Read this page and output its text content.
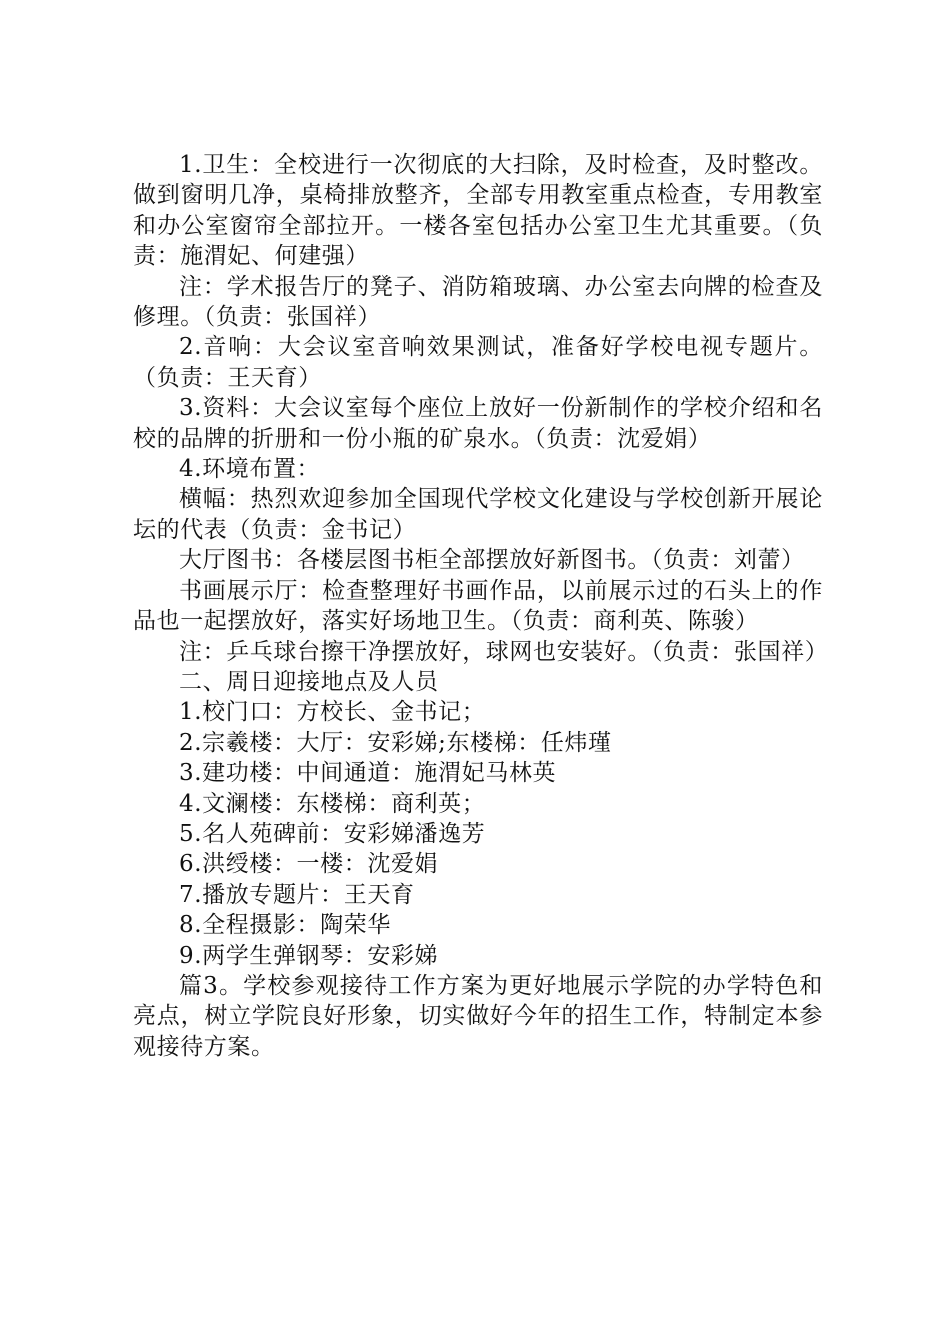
1.卫生：全校进行一次彻底的大扫除，及时检查，及时整改。做到窗明几净，桌椅排放整齐，全部专用教室重点检查，专用教室和办公室窗帘全部拉开。一楼各室包括办公室卫生尤其重要。（负责：施渭妃、何建强）

注：学术报告厅的凳子、消防箱玻璃、办公室去向牌的检查及修理。（负责：张国祥）

2.音响：大会议室音响效果测试，准备好学校电视专题片。（负责：王天育）

3.资料：大会议室每个座位上放好一份新制作的学校介绍和名校的品牌的折册和一份小瓶的矿泉水。（负责：沈爱娟）

4.环境布置：

横幅：热烈欢迎参加全国现代学校文化建设与学校创新开展论坛的代表（负责：金书记）

大厅图书：各楼层图书柜全部摆放好新图书。（负责：刘蕾）

书画展示厅：检查整理好书画作品，以前展示过的石头上的作品也一起摆放好，落实好场地卫生。（负责：商利英、陈骏）

注：乒乓球台擦干净摆放好，球网也安装好。（负责：张国祥）

二、周日迎接地点及人员

1.校门口：方校长、金书记；

2.宗羲楼：大厅：安彩娣;东楼梯：任炜瑾

3.建功楼：中间通道：施渭妃马林英

4.文澜楼：东楼梯：商利英；

5.名人苑碑前：安彩娣潘逸芳

6.洪绶楼：一楼：沈爱娟

7.播放专题片：王天育

8.全程摄影：陶荣华

9.两学生弹钢琴：安彩娣

篇3。学校参观接待工作方案为更好地展示学院的办学特色和亮点，树立学院良好形象，切实做好今年的招生工作，特制定本参观接待方案。
